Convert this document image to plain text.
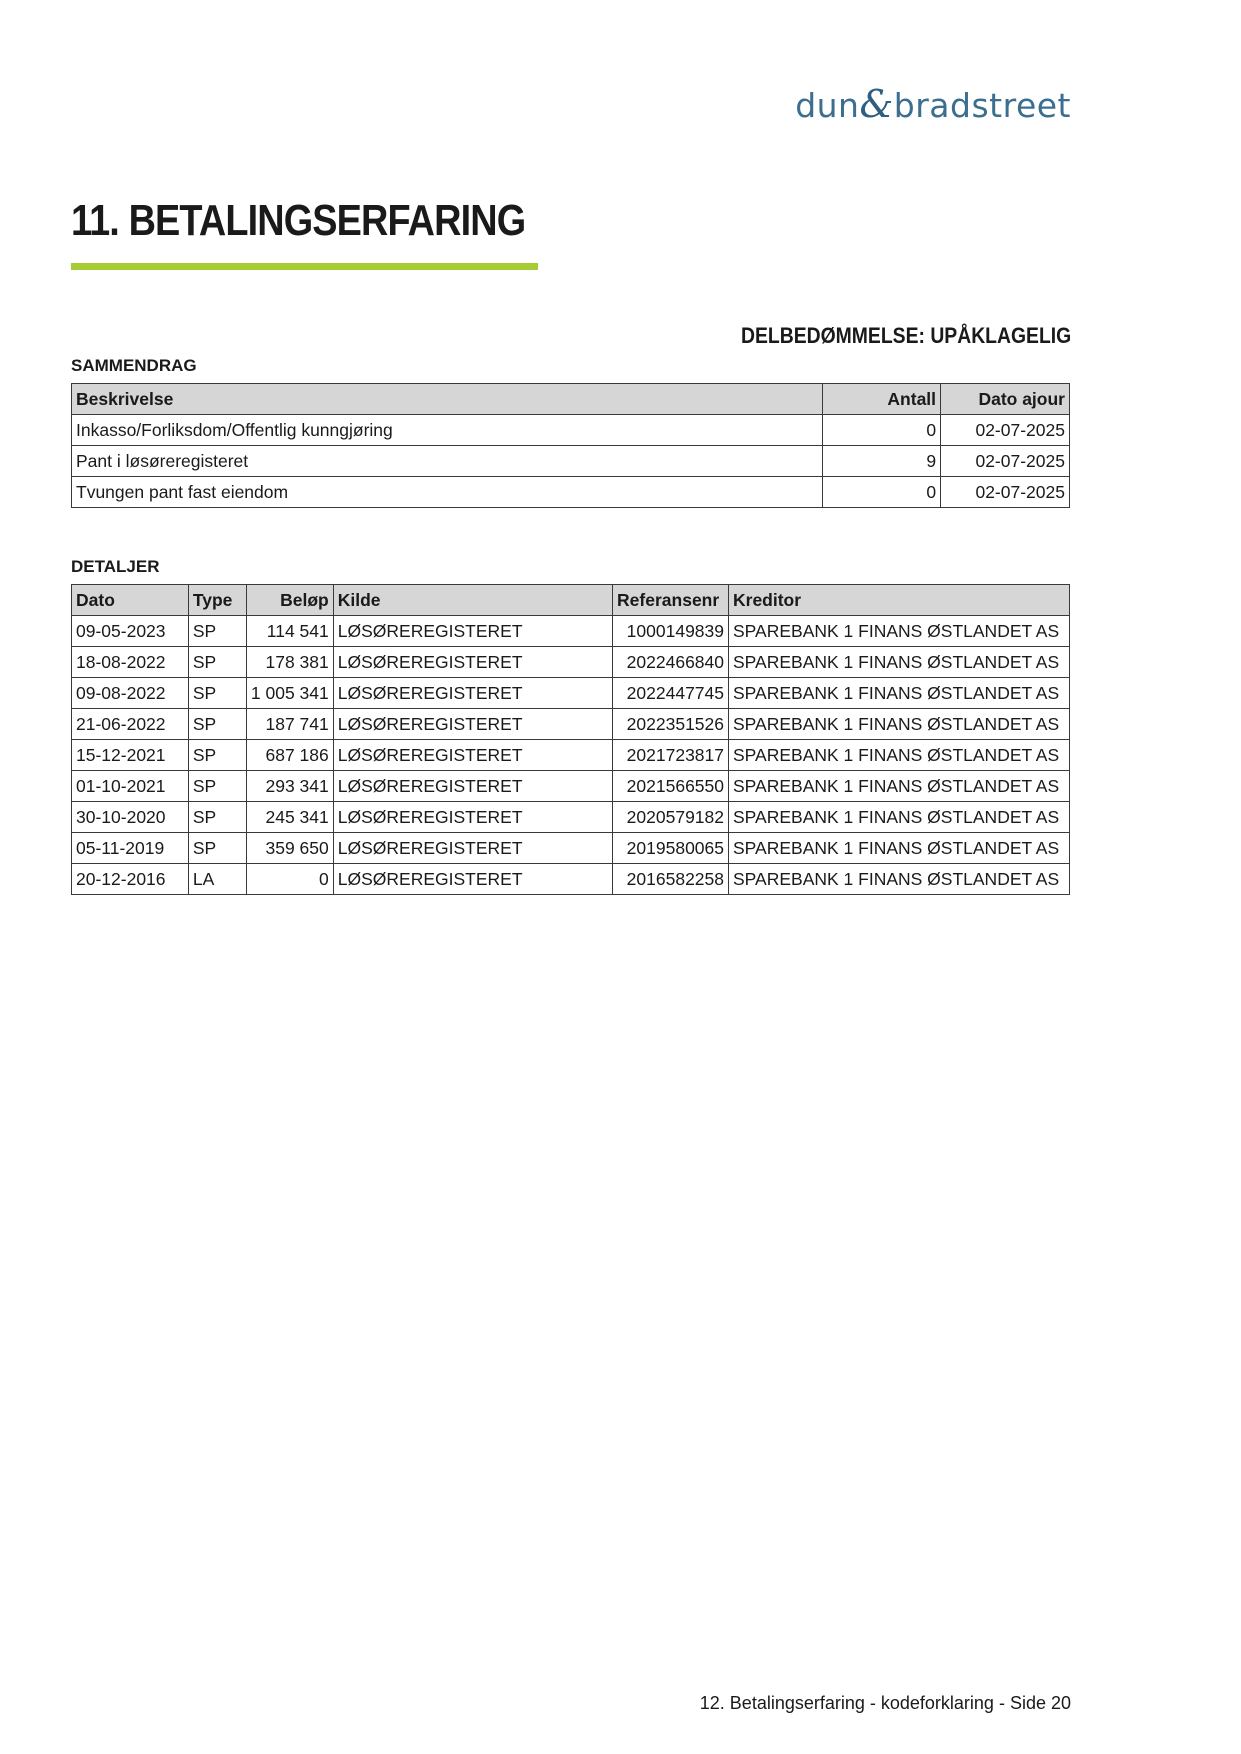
dun&bradstreet
11. BETALINGSERFARING
DELBEDØMMELSE: UPÅKLAGELIG
SAMMENDRAG
Beskrivelse	Antall	Dato ajour
Inkasso/Forliksdom/Offentlig kunngjøring	0	02-07-2025
Pant i løsøreregisteret	9	02-07-2025
Tvungen pant fast eiendom	0	02-07-2025
DETALJER
Dato	Type	Beløp	Kilde	Referansenr	Kreditor
09-05-2023	SP	114 541	LØSØREREGISTERET	1000149839	SPAREBANK 1 FINANS ØSTLANDET AS
18-08-2022	SP	178 381	LØSØREREGISTERET	2022466840	SPAREBANK 1 FINANS ØSTLANDET AS
09-08-2022	SP	1 005 341	LØSØREREGISTERET	2022447745	SPAREBANK 1 FINANS ØSTLANDET AS
21-06-2022	SP	187 741	LØSØREREGISTERET	2022351526	SPAREBANK 1 FINANS ØSTLANDET AS
15-12-2021	SP	687 186	LØSØREREGISTERET	2021723817	SPAREBANK 1 FINANS ØSTLANDET AS
01-10-2021	SP	293 341	LØSØREREGISTERET	2021566550	SPAREBANK 1 FINANS ØSTLANDET AS
30-10-2020	SP	245 341	LØSØREREGISTERET	2020579182	SPAREBANK 1 FINANS ØSTLANDET AS
05-11-2019	SP	359 650	LØSØREREGISTERET	2019580065	SPAREBANK 1 FINANS ØSTLANDET AS
20-12-2016	LA	0	LØSØREREGISTERET	2016582258	SPAREBANK 1 FINANS ØSTLANDET AS
12. Betalingserfaring - kodeforklaring - Side 20
